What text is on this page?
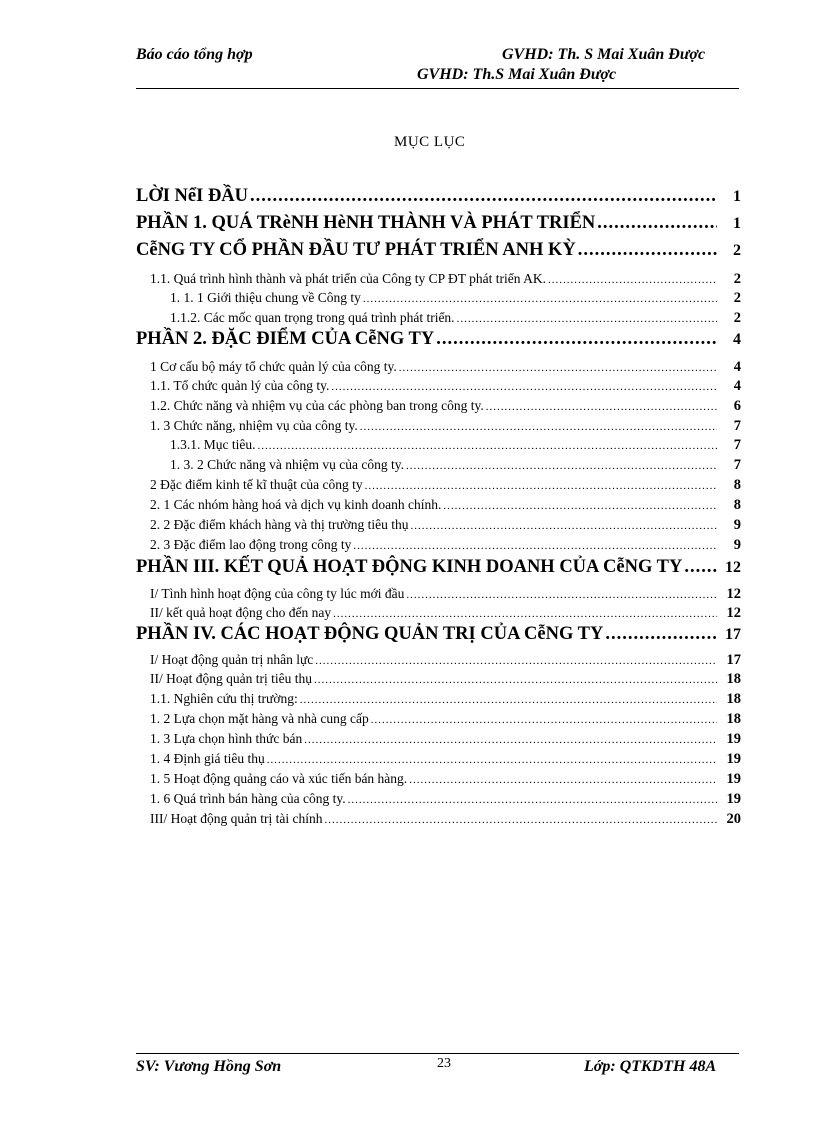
Báo cáo tổng hợp	GVHD: Th. S Mai Xuân Được
GVHD: Th.S Mai Xuân Được
MỤC LỤC
LỜI NểI ĐẦU .....	1
PHẦN 1. QUÁ TRèNH HèNH THÀNH VÀ PHÁT TRIỂN .....	1
CễNG TY CỔ PHẦN ĐẦU TƯ PHÁT TRIỂN ANH KỲ .....	2
1.1. Quá trình hình thành và phát triển của Công ty CP ĐT phát triển AK. .....	2
1. 1. 1 Giới thiệu chung về Công ty .....	2
1.1.2. Các mốc quan trọng trong quá trình phát triển. .....	2
PHẦN 2. ĐẶC ĐIỂM CỦA CễNG TY .....	4
1 Cơ cấu bộ máy tổ chức quản lý của công ty. .....	4
1.1. Tổ chức quản lý của công ty. .....	4
1.2. Chức năng và nhiệm vụ của các phòng ban trong công ty. .....	6
1. 3 Chức năng, nhiệm vụ của công ty. .....	7
1.3.1. Mục tiêu. .....	7
1. 3. 2 Chức năng và nhiệm vụ của công ty. .....	7
2 Đặc điểm kinh tế kĩ thuật của công ty .....	8
2. 1 Các nhóm hàng hoá và dịch vụ kinh doanh chính. .....	8
2. 2 Đặc điểm khách hàng và thị trường tiêu thụ .....	9
2. 3 Đặc điểm lao động trong công ty .....	9
PHẦN III. KẾT QUẢ HOẠT ĐỘNG KINH DOANH CỦA CễNG TY .....	12
I/ Tình hình hoạt động của công ty lúc mới đầu .....	12
II/ kết quả hoạt động cho đến nay .....	12
PHẦN IV. CÁC HOẠT ĐỘNG QUẢN TRỊ CỦA CễNG TY .....	17
I/ Hoạt động quản trị nhân lực .....	17
II/ Hoạt động quản trị tiêu thụ .....	18
1.1. Nghiên cứu thị trường: .....	18
1. 2 Lựa chọn mặt hàng và nhà cung cấp .....	18
1. 3 Lựa chọn hình thức bán .....	19
1. 4 Định giá tiêu thụ .....	19
1. 5 Hoạt động quảng cáo và xúc tiến bán hàng. .....	19
1. 6 Quá trình bán hàng của công ty. .....	19
III/ Hoạt động quản trị tài chính .....	20
SV: Vương Hồng Sơn	23	Lớp: QTKDTH 48A
